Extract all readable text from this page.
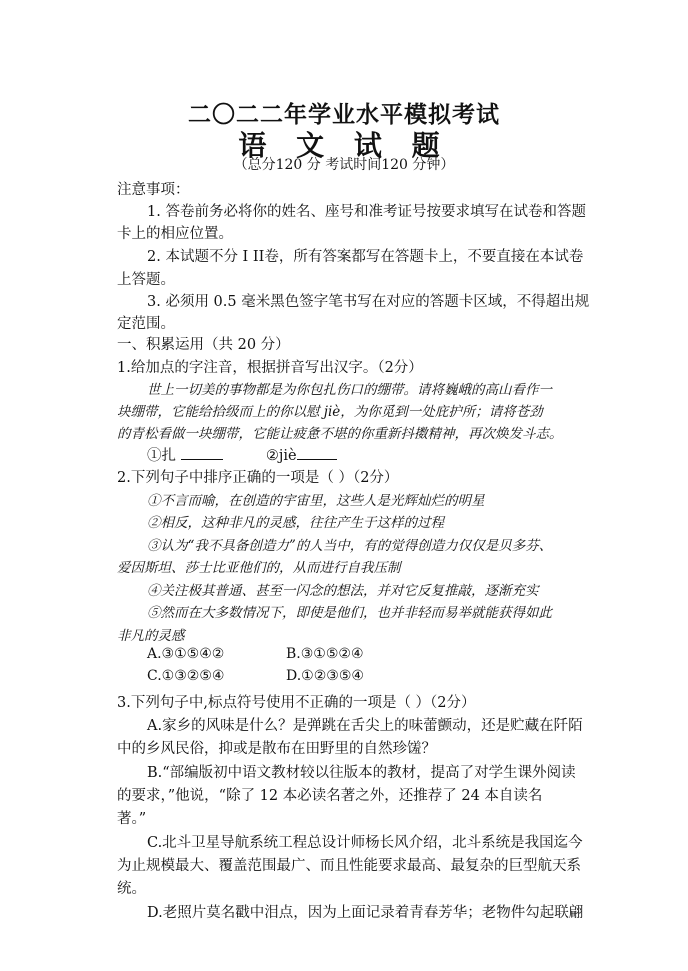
二〇二二年学业水平模拟考试
语 文 试 题
（总分120 分 考试时间120 分钟）
注意事项：
1. 答卷前务必将你的姓名、座号和准考证号按要求填写在试卷和答题
卡上的相应位置。
2. 本试题不分 I II卷，所有答案都写在答题卡上，不要直接在本试卷
上答题。
3. 必须用 0.5 毫米黑色签字笔书写在对应的答题卡区域，不得超出规
定范围。
一、积累运用（共 20 分）
1.给加点的字注音，根据拼音写出汉字。（2分）
世上一切美的事物都是为你包扎伤口的绷带。请将巍峨的高山看作一
块绷带，它能给拾级而上的你以慰 jiè，为你觅到一处庇护所；请将苍劲
的青松看做一块绷带，它能让疲惫不堪的你重新抖擞精神，再次焕发斗志。
①扎	②jiè
2.下列句子中排序正确的一项是（ ）（2分）
①不言而喻，在创造的宇宙里，这些人是光辉灿烂的明星
②相反，这种非凡的灵感，往往产生于这样的过程
③认为“我不具备创造力”的人当中，有的觉得创造力仅仅是贝多芬、
爱因斯坦、莎士比亚他们的，从而进行自我压制
④关注极其普通、甚至一闪念的想法，并对它反复推敲，逐渐充实
⑤然而在大多数情况下，即使是他们，也并非轻而易举就能获得如此
非凡的灵感
A.③①⑤④②	B.③①⑤②④
C.①③②⑤④	D.①②③⑤④
3.下列句子中,标点符号使用不正确的一项是（ ）（2分）
A.家乡的风味是什么？是弹跳在舌尖上的味蕾颤动，还是贮藏在阡陌
中的乡风民俗，抑或是散布在田野里的自然珍馐？
B.“部编版初中语文教材较以往版本的教材，提高了对学生课外阅读
的要求，”他说，“除了 12 本必读名著之外，还推荐了 24 本自读名
著。”
C.北斗卫星导航系统工程总设计师杨长风介绍，北斗系统是我国迄今
为止规模最大、覆盖范围最广、而且性能要求最高、最复杂的巨型航天系
统。
D.老照片莫名戳中泪点，因为上面记录着青春芳华；老物件勾起联翩
